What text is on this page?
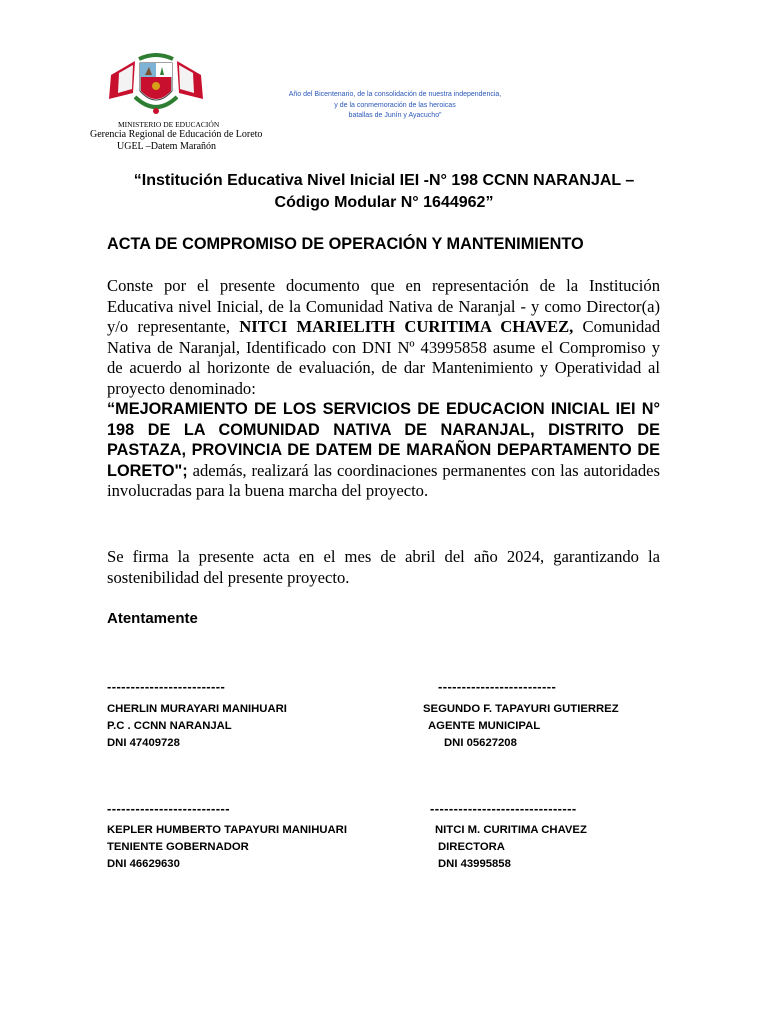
MINISTERIO DE EDUCACIÓN
Gerencia Regional de Educación de Loreto
UGEL –Datem Marañón
Año del Bicentenario, de la consolidación de nuestra independencia,
y de la conmemoración de las heroicas
batallas de Junín y Ayacucho”
“Institución Educativa Nivel Inicial IEI -N° 198 CCNN NARANJAL – Código Modular N° 1644962”
ACTA DE COMPROMISO DE OPERACIÓN Y MANTENIMIENTO
Conste por el presente documento que en representación de la Institución Educativa nivel Inicial, de la Comunidad Nativa de Naranjal - y como Director(a) y/o representante, NITCI MARIELITH CURITIMA CHAVEZ, Comunidad Nativa de Naranjal, Identificado con DNI Nº 43995858 asume el Compromiso y de acuerdo al horizonte de evaluación, de dar Mantenimiento y Operatividad al proyecto denominado:
“MEJORAMIENTO DE LOS SERVICIOS DE EDUCACION INICIAL IEI N° 198 DE LA COMUNIDAD NATIVA DE NARANJAL, DISTRITO DE PASTAZA, PROVINCIA DE DATEM DE MARAÑON DEPARTAMENTO DE LORETO"; además, realizará las coordinaciones permanentes con las autoridades involucradas para la buena marcha del proyecto.
Se firma la presente acta en el mes de abril del año 2024, garantizando la sostenibilidad del presente proyecto.
Atentamente
-------------------------
CHERLIN MURAYARI MANIHUARI
P.C . CCNN NARANJAL
DNI 47409728
-------------------------
SEGUNDO F. TAPAYURI GUTIERREZ
AGENTE MUNICIPAL
DNI 05627208
--------------------------
KEPLER HUMBERTO TAPAYURI MANIHUARI
TENIENTE GOBERNADOR
DNI 46629630
-------------------------------
NITCI M. CURITIMA CHAVEZ
DIRECTORA
DNI 43995858
